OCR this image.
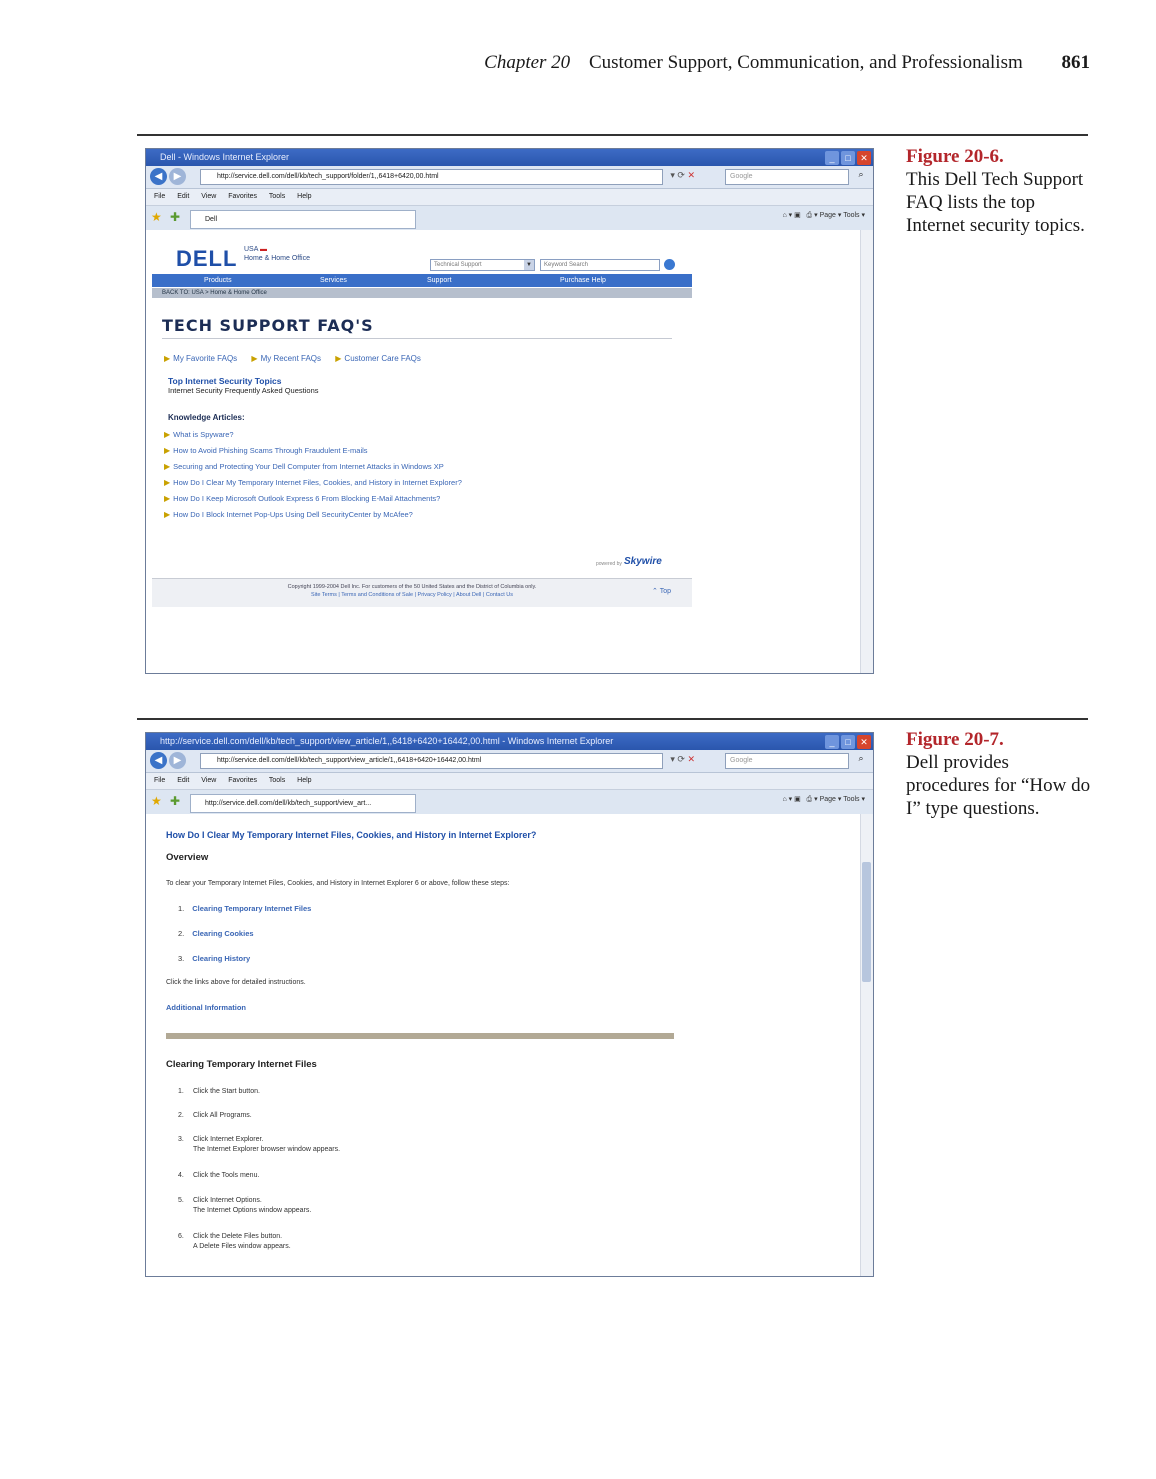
Chapter 20 Customer Support, Communication, and Professionalism 861
Figure 20-6.
This Dell Tech Support FAQ lists the top Internet security topics.
Dell - Windows Internet Explorer	_ □ ✕
◀	▶	http://service.dell.com/dell/kb/tech_support/folder/1,,6418+6420,00.html	▾ ⟳ ✕	Google	⌕
File Edit View Favorites Tools Help
★ ✚	Dell
⌂ ▾ ▣   ⎙ ▾ Page ▾ Tools ▾
DELL USA ▬
Home & Home Office
Technical Support	▼	Keyword Search
Products	Services	Support	Purchase Help
BACK TO: USA > Home & Home Office
TECH SUPPORT FAQ'S
▶ My Favorite FAQs ▶ My Recent FAQs ▶ Customer Care FAQs
Top Internet Security Topics
Internet Security Frequently Asked Questions
Knowledge Articles:
▶ What is Spyware?
▶ How to Avoid Phishing Scams Through Fraudulent E-mails
▶ Securing and Protecting Your Dell Computer from Internet Attacks in Windows XP
▶ How Do I Clear My Temporary Internet Files, Cookies, and History in Internet Explorer?
▶ How Do I Keep Microsoft Outlook Express 6 From Blocking E-Mail Attachments?
▶ How Do I Block Internet Pop-Ups Using Dell SecurityCenter by McAfee?
powered by Skywire
Copyright 1999-2004 Dell Inc. For customers of the 50 United States and the District of Columbia only.
Site Terms | Terms and Conditions of Sale | Privacy Policy | About Dell | Contact Us	⌃ Top
Figure 20-7.
Dell provides procedures for “How do I” type questions.
http://service.dell.com/dell/kb/tech_support/view_article/1,,6418+6420+16442,00.html - Windows Internet Explorer	_ □ ✕
◀	▶	http://service.dell.com/dell/kb/tech_support/view_article/1,,6418+6420+16442,00.html	▾ ⟳ ✕	Google	⌕
File Edit View Favorites Tools Help
★ ✚	http://service.dell.com/dell/kb/tech_support/view_art...
⌂ ▾ ▣   ⎙ ▾ Page ▾ Tools ▾
How Do I Clear My Temporary Internet Files, Cookies, and History in Internet Explorer?
Overview
To clear your Temporary Internet Files, Cookies, and History in Internet Explorer 6 or above, follow these steps:
1. Clearing Temporary Internet Files
2. Clearing Cookies
3. Clearing History
Click the links above for detailed instructions.
Additional Information
Clearing Temporary Internet Files
1. Click the Start button.
2. Click All Programs.
3. Click Internet Explorer.
The Internet Explorer browser window appears.
4. Click the Tools menu.
5. Click Internet Options.
The Internet Options window appears.
6. Click the Delete Files button.
A Delete Files window appears.
